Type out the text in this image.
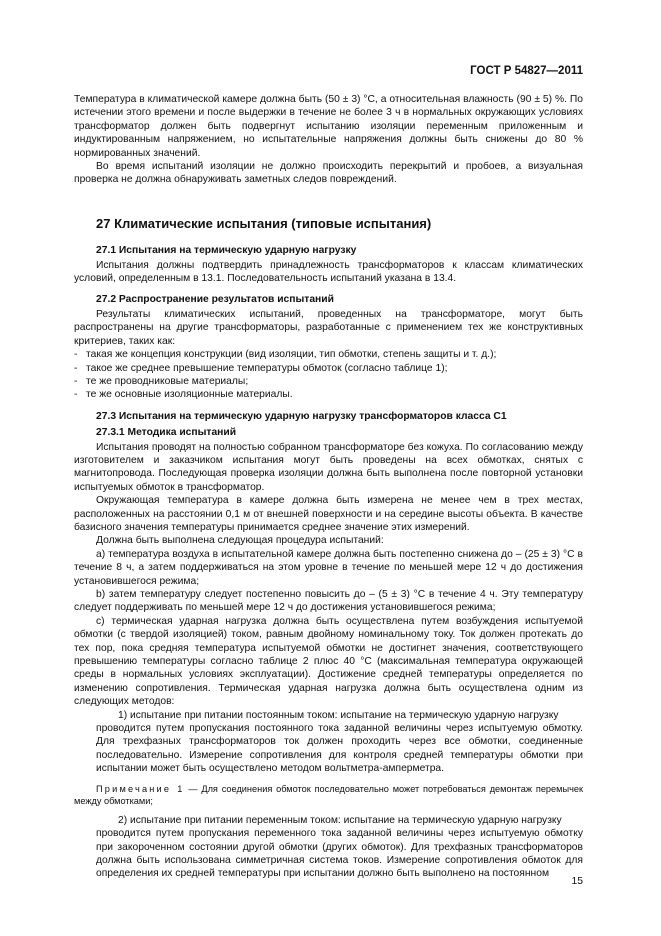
ГОСТ Р 54827—2011

Температура в климатической камере должна быть (50 ± 3) °С, а относительная влажность (90 ± 5) %. По истечении этого времени и после выдержки в течение не более 3 ч в нормальных окружающих условиях трансформатор должен быть подвергнут испытанию изоляции переменным приложенным и индуктированным напряжением, но испытательные напряжения должны быть снижены до 80 % нормированных значений.

Во время испытаний изоляции не должно происходить перекрытий и пробоев, а визуальная проверка не должна обнаруживать заметных следов повреждений.

27 Климатические испытания (типовые испытания)
27.1 Испытания на термическую ударную нагрузку

Испытания должны подтвердить принадлежность трансформаторов к классам климатических условий, определенным в 13.1. Последовательность испытаний указана в 13.4.

27.2 Распространение результатов испытаний

Результаты климатических испытаний, проведенных на трансформаторе, могут быть распространены на другие трансформаторы, разработанные с применением тех же конструктивных критериев, таких как:

- такая же концепция конструкции (вид изоляции, тип обмотки, степень защиты и т. д.);

- такое же среднее превышение температуры обмоток (согласно таблице 1);

- те же проводниковые материалы;

- те же основные изоляционные материалы.

27.3 Испытания на термическую ударную нагрузку трансформаторов класса С1
27.3.1 Методика испытаний

Испытания проводят на полностью собранном трансформаторе без кожуха. По согласованию между изготовителем и заказчиком испытания могут быть проведены на всех обмотках, снятых с магнитопровода. Последующая проверка изоляции должна быть выполнена после повторной установки испытуемых обмоток в трансформатор.

Окружающая температура в камере должна быть измерена не менее чем в трех местах, расположенных на расстоянии 0,1 м от внешней поверхности и на середине высоты объекта. В качестве базисного значения температуры принимается среднее значение этих измерений.

Должна быть выполнена следующая процедура испытаний:

а) температура воздуха в испытательной камере должна быть постепенно снижена до – (25 ± 3) °С в течение 8 ч, а затем поддерживаться на этом уровне в течение по меньшей мере 12 ч до достижения установившегося режима;

b) затем температуру следует постепенно повысить до – (5 ± 3) °С в течение 4 ч. Эту температуру следует поддерживать по меньшей мере 12 ч до достижения установившегося режима;

с) термическая ударная нагрузка должна быть осуществлена путем возбуждения испытуемой обмотки (с твердой изоляцией) током, равным двойному номинальному току. Ток должен протекать до тех пор, пока средняя температура испытуемой обмотки не достигнет значения, соответствующего превышению температуры согласно таблице 2 плюс 40 °С (максимальная температура окружающей среды в нормальных условиях эксплуатации). Достижение средней температуры определяется по изменению сопротивления. Термическая ударная нагрузка должна быть осуществлена одним из следующих методов:

1) испытание при питании постоянным током: испытание на термическую ударную нагрузку

проводится путем пропускания постоянного тока заданной величины через испытуемую обмотку. Для трехфазных трансформаторов ток должен проходить через все обмотки, соединенные последовательно. Измерение сопротивления для контроля средней температуры обмотки при испытании может быть осуществлено методом вольтметра-амперметра.

Примечание 1 — Для соединения обмоток последовательно может потребоваться демонтаж перемычек между обмотками;

2) испытание при питании переменным током: испытание на термическую ударную нагрузку

проводится путем пропускания переменного тока заданной величины через испытуемую обмотку при закороченном состоянии другой обмотки (других обмоток). Для трехфазных трансформаторов должна быть использована симметричная система токов. Измерение сопротивления обмоток для определения их средней температуры при испытании должно быть выполнено на постоянном

15
